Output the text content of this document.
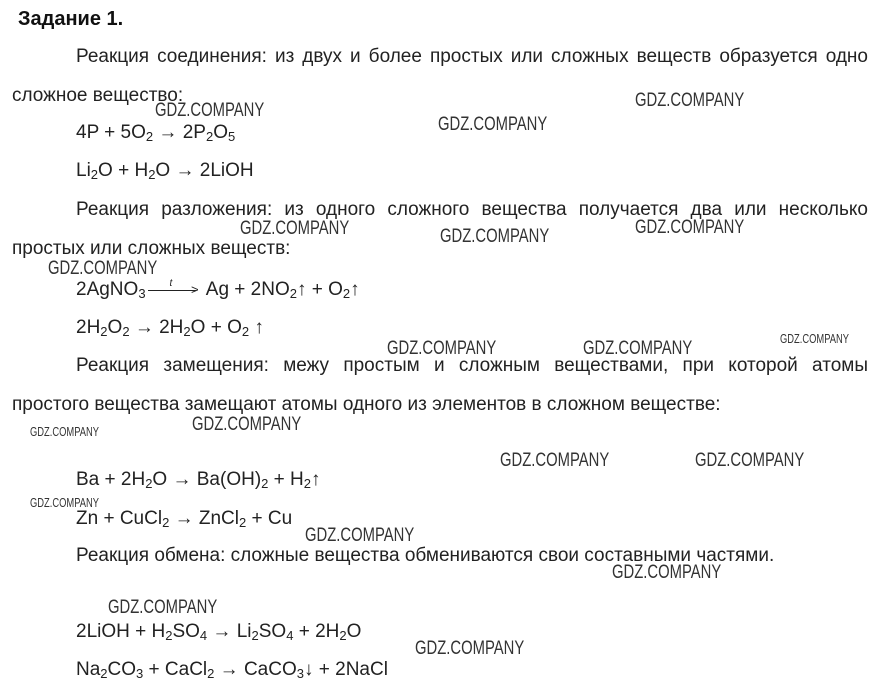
Задание 1.

Реакция соединения: из двух и более простых или сложных веществ образуется одно сложное вещество:

$4P + 5O_2 \to 2P_2O_5$
$Li_2O + H_2O$ → 2LiOH

Реакция разложения: из одного сложного вещества получается два или несколько простых или сложных веществ:

2AgNO$_3$
$t > Ag + 2NO_2↑$ + $O_2↑$
$2H_2O_2 \to 2H_2O + O_2$ ↑

Реакция замещения: межу простым и сложным веществами, при которой атомы простого вещества замещают атомы одного из элементов в сложном веществе:

$Ba + 2H_2O \to Ba(OH)_2$ + $H_2↑$
Zn + CuCl$_2$ → ZnCl$_2$ + Cu

Реакция обмена: сложные вещества обмениваются свои составными частями.

2LiOH + $H_2SO_4 \to Li_2SO_4 + 2H_2O$
$Na_2CO_3$ + CaCl$_2$ → CaCO$_3$↓ + 2NaCl
GDZ.COMPANY
GDZ.COMPANY
GDZ.COMPANY
GDZ.COMPANY	GDZ.COMPANY	GDZ.COMPANY
GDZ.COMPANY
GDZ.COMPANY	GDZ.COMPANY	GDZ.COMPANY
GDZ.COMPANY	GDZ.COMPANY
GDZ.COMPANY	GDZ.COMPANY
GDZ.COMPANY
GDZ.COMPANY
GDZ.COMPANY
GDZ.COMPANY
GDZ.COMPANY
